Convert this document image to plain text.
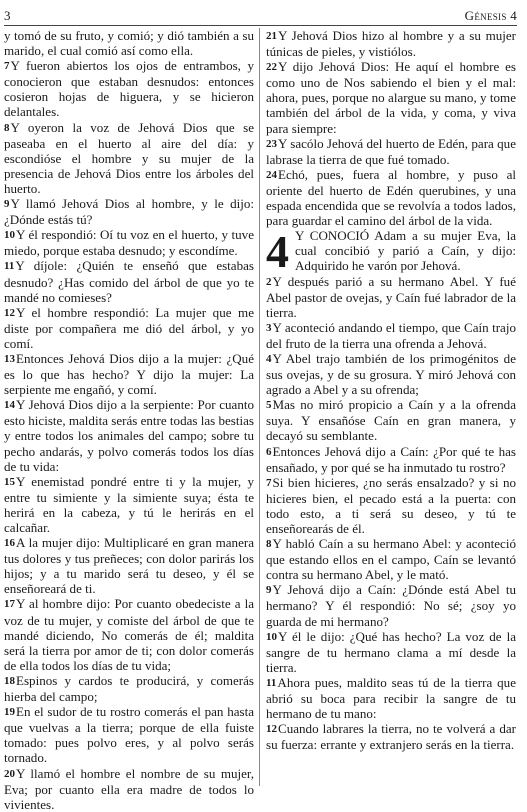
3	Génesis 4

y tomó de su fruto, y comió; y dió también a su marido, el cual comió así como ella.

7Y fueron abiertos los ojos de entrambos, y conocieron que estaban desnudos: entonces cosieron hojas de higuera, y se hicieron delantales.

8Y oyeron la voz de Jehová Dios que se paseaba en el huerto al aire del día: y escondióse el hombre y su mujer de la presencia de Jehová Dios entre los árboles del huerto.

9Y llamó Jehová Dios al hombre, y le dijo: ¿Dónde estás tú?

10Y él respondió: Oí tu voz en el huerto, y tuve miedo, porque estaba desnudo; y escondíme.

11Y díjole: ¿Quién te enseñó que estabas desnudo? ¿Has comido del árbol de que yo te mandé no comieses?

12Y el hombre respondió: La mujer que me diste por compañera me dió del árbol, y yo comí.

13Entonces Jehová Dios dijo a la mujer: ¿Qué es lo que has hecho? Y dijo la mujer: La serpiente me engañó, y comí.

14Y Jehová Dios dijo a la serpiente: Por cuanto esto hiciste, maldita serás entre todas las bestias y entre todos los animales del campo; sobre tu pecho andarás, y polvo comerás todos los días de tu vida:

15Y enemistad pondré entre ti y la mujer, y entre tu simiente y la simiente suya; ésta te herirá en la cabeza, y tú le herirás en el calcañar.

16A la mujer dijo: Multiplicaré en gran manera tus dolores y tus preñeces; con dolor parirás los hijos; y a tu marido será tu deseo, y él se enseñoreará de ti.

17Y al hombre dijo: Por cuanto obedeciste a la voz de tu mujer, y comiste del árbol de que te mandé diciendo, No comerás de él; maldita será la tierra por amor de ti; con dolor comerás de ella todos los días de tu vida;

18Espinos y cardos te producirá, y comerás hierba del campo;

19En el sudor de tu rostro comerás el pan hasta que vuelvas a la tierra; porque de ella fuiste tomado: pues polvo eres, y al polvo serás tornado.

20Y llamó el hombre el nombre de su mujer, Eva; por cuanto ella era madre de todos lo vivientes.

21Y Jehová Dios hizo al hombre y a su mujer túnicas de pieles, y vistiólos.

22Y dijo Jehová Dios: He aquí el hombre es como uno de Nos sabiendo el bien y el mal: ahora, pues, porque no alargue su mano, y tome también del árbol de la vida, y coma, y viva para siempre:

23Y sacólo Jehová del huerto de Edén, para que labrase la tierra de que fué tomado.

24Echó, pues, fuera al hombre, y puso al oriente del huerto de Edén querubines, y una espada encendida que se revolvía a todos lados, para guardar el camino del árbol de la vida.

4 Y CONOCIÓ Adam a su mujer Eva, la cual concibió y parió a Caín, y dijo: Adquirido he varón por Jehová.

2Y después parió a su hermano Abel. Y fué Abel pastor de ovejas, y Caín fué labrador de la tierra.

3Y aconteció andando el tiempo, que Caín trajo del fruto de la tierra una ofrenda a Jehová.

4Y Abel trajo también de los primogénitos de sus ovejas, y de su grosura. Y miró Jehová con agrado a Abel y a su ofrenda;

5Mas no miró propicio a Caín y a la ofrenda suya. Y ensañóse Caín en gran manera, y decayó su semblante.

6Entonces Jehová dijo a Caín: ¿Por qué te has ensañado, y por qué se ha inmutado tu rostro?

7Si bien hicieres, ¿no serás ensalzado? y si no hicieres bien, el pecado está a la puerta: con todo esto, a ti será su deseo, y tú te enseñorearás de él.

8Y habló Caín a su hermano Abel: y aconteció que estando ellos en el campo, Caín se levantó contra su hermano Abel, y le mató.

9Y Jehová dijo a Caín: ¿Dónde está Abel tu hermano? Y él respondió: No sé; ¿soy yo guarda de mi hermano?

10Y él le dijo: ¿Qué has hecho? La voz de la sangre de tu hermano clama a mí desde la tierra.

11Ahora pues, maldito seas tú de la tierra que abrió su boca para recibir la sangre de tu hermano de tu mano:

12Cuando labrares la tierra, no te volverá a dar su fuerza: errante y extranjero serás en la tierra.
